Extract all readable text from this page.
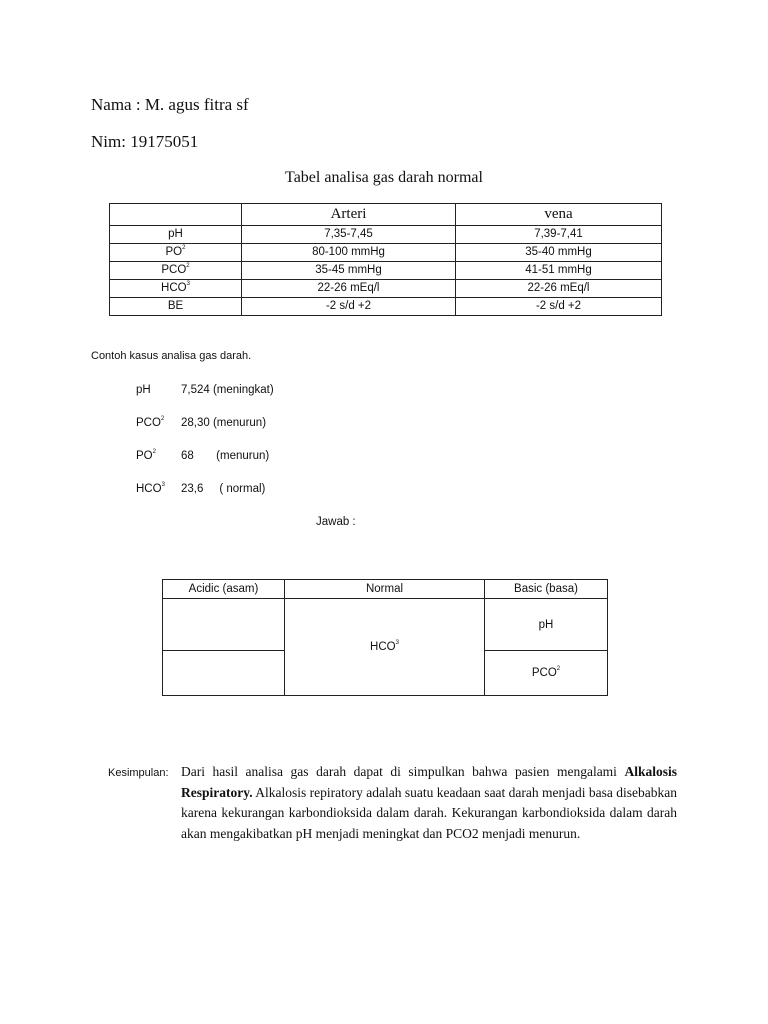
Nama : M. agus fitra sf
Nim: 19175051
Tabel analisa gas darah normal
	Arteri	vena
pH	7,35-7,45	7,39-7,41
$PO^2$	80-100 mmHg	35-40 mmHg
PCO$^2$	35-45 mmHg	41-51 mmHg
HCO$^3$	22-26 mEq/l	22-26 mEq/l
BE	-2 s/d +2	-2 s/d +2
Contoh kasus analisa gas darah.
pH	7,524 (meningkat)
PCO$^2$ 28,30 (menurun)
$PO^2$ 68       (menurun)
HCO$^3$ 23,6     ( normal)
Jawab :
Acidic (asam)	Normal	Basic (basa)
	HCO$^3$	pH
		PCO$^2$
Kesimpulan: Dari hasil analisa gas darah dapat di simpulkan bahwa pasien mengalami Alkalosis Respiratory. Alkalosis repiratory adalah suatu keadaan saat darah menjadi basa disebabkan karena kekurangan karbondioksida dalam darah. Kekurangan karbondioksida dalam darah akan mengakibatkan pH menjadi meningkat dan PCO2 menjadi menurun.
